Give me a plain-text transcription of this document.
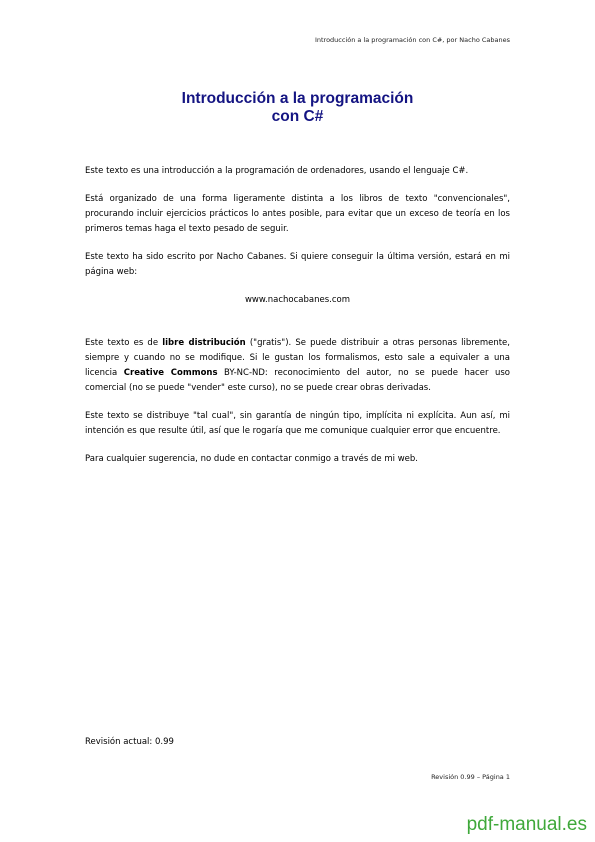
Introducción a la programación con C#, por Nacho Cabanes
Introducción a la programación
con C#

Este texto es una introducción a la programación de ordenadores, usando el lenguaje C#.

Está organizado de una forma ligeramente distinta a los libros de texto "convencionales", procurando incluir ejercicios prácticos lo antes posible, para evitar que un exceso de teoría en los primeros temas haga el texto pesado de seguir.

Este texto ha sido escrito por Nacho Cabanes. Si quiere conseguir la última versión, estará en mi página web:

www.nachocabanes.com

Este texto es de libre distribución ("gratis"). Se puede distribuir a otras personas libremente, siempre y cuando no se modifique. Si le gustan los formalismos, esto sale a equivaler a una licencia Creative Commons BY-NC-ND: reconocimiento del autor, no se puede hacer uso comercial (no se puede "vender" este curso), no se puede crear obras derivadas.

Este texto se distribuye "tal cual", sin garantía de ningún tipo, implícita ni explícita. Aun así, mi intención es que resulte útil, así que le rogaría que me comunique cualquier error que encuentre.

Para cualquier sugerencia, no dude en contactar conmigo a través de mi web.

Revisión actual: 0.99
Revisión 0.99 – Página 1
pdf-manual.es
